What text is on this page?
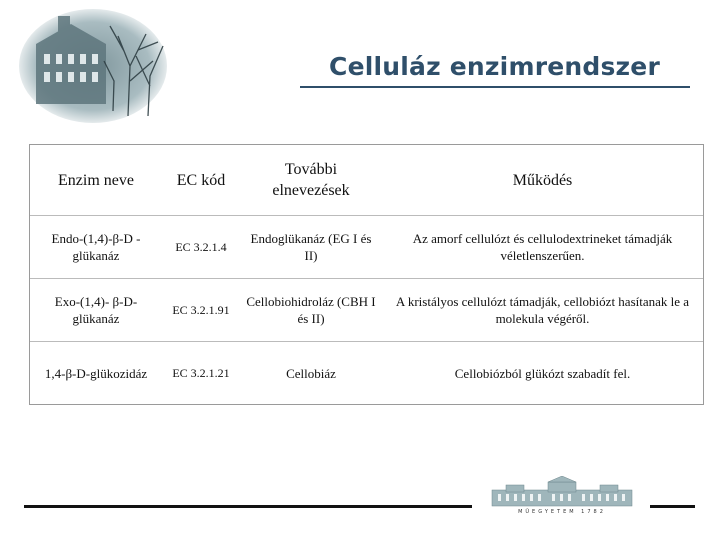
Celluláz enzimrendszer
Enzim neve	EC kód	További elnevezések	Működés
Endo-(1,4)-β-D -glükanáz	EC 3.2.1.4	Endoglükanáz (EG I és II)	Az amorf cellulózt és cellulodextrineket támadják véletlenszerűen.
Exo-(1,4)- β-D-glükanáz	EC 3.2.1.91	Cellobiohidroláz (CBH I és II)	A kristályos cellulózt támadják, cellobiózt hasítanak le a molekula végéről.
1,4-β-D-glükozidáz	EC 3.2.1.21	Cellobiáz	Cellobiózból glükózt szabadít fel.
MŰEGYETEM 1782
